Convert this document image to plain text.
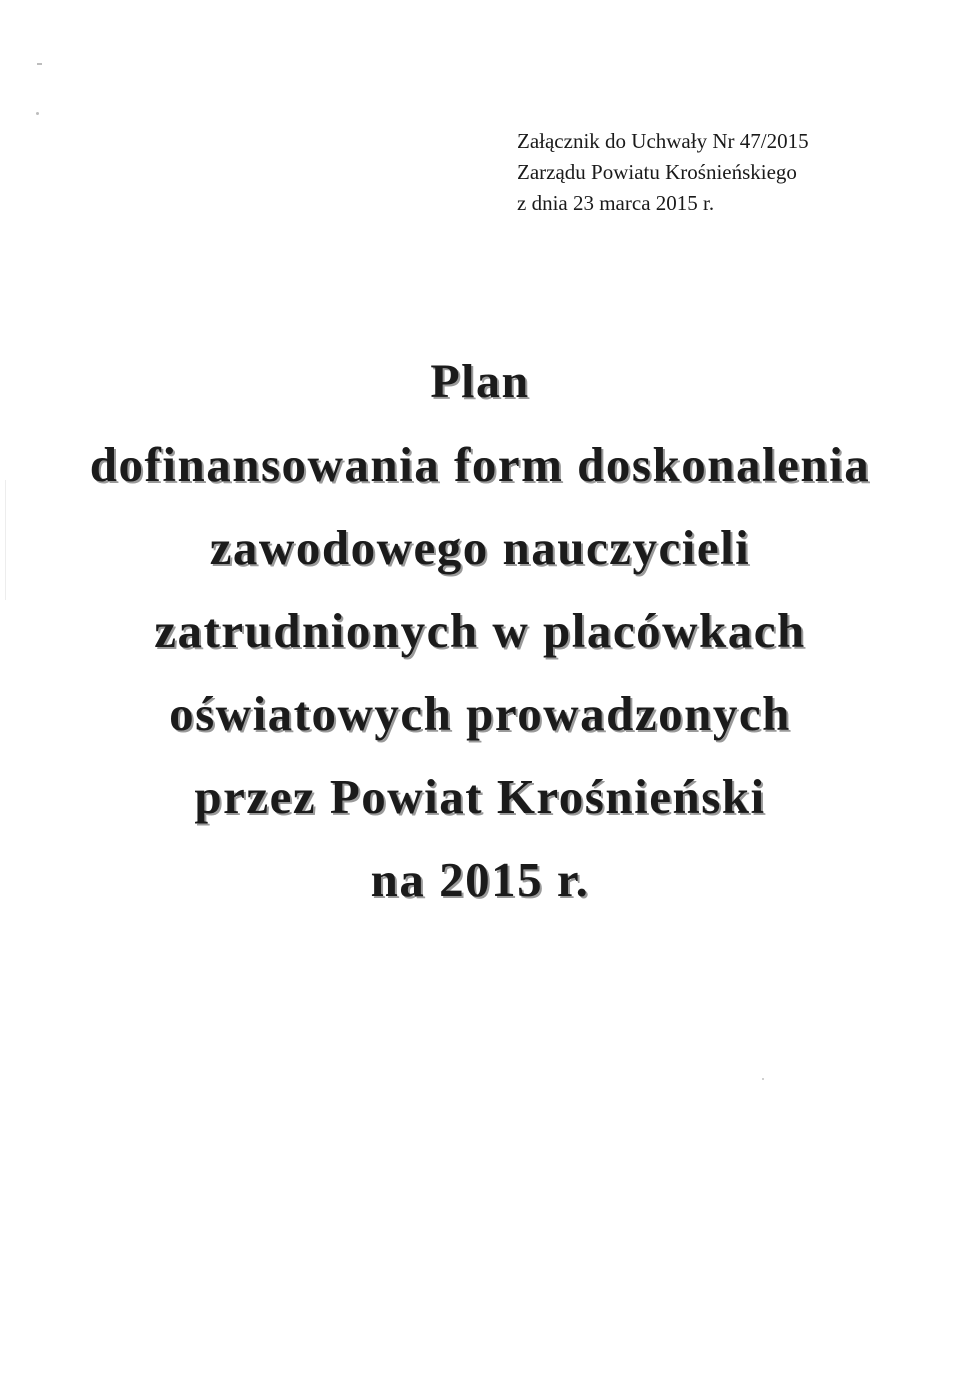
Załącznik do Uchwały Nr 47/2015
Zarządu Powiatu Krośnieńskiego
z dnia 23 marca 2015 r.
Plan
dofinansowania form doskonalenia
zawodowego nauczycieli
zatrudnionych w placówkach
oświatowych prowadzonych
przez Powiat Krośnieński
na 2015 r.
